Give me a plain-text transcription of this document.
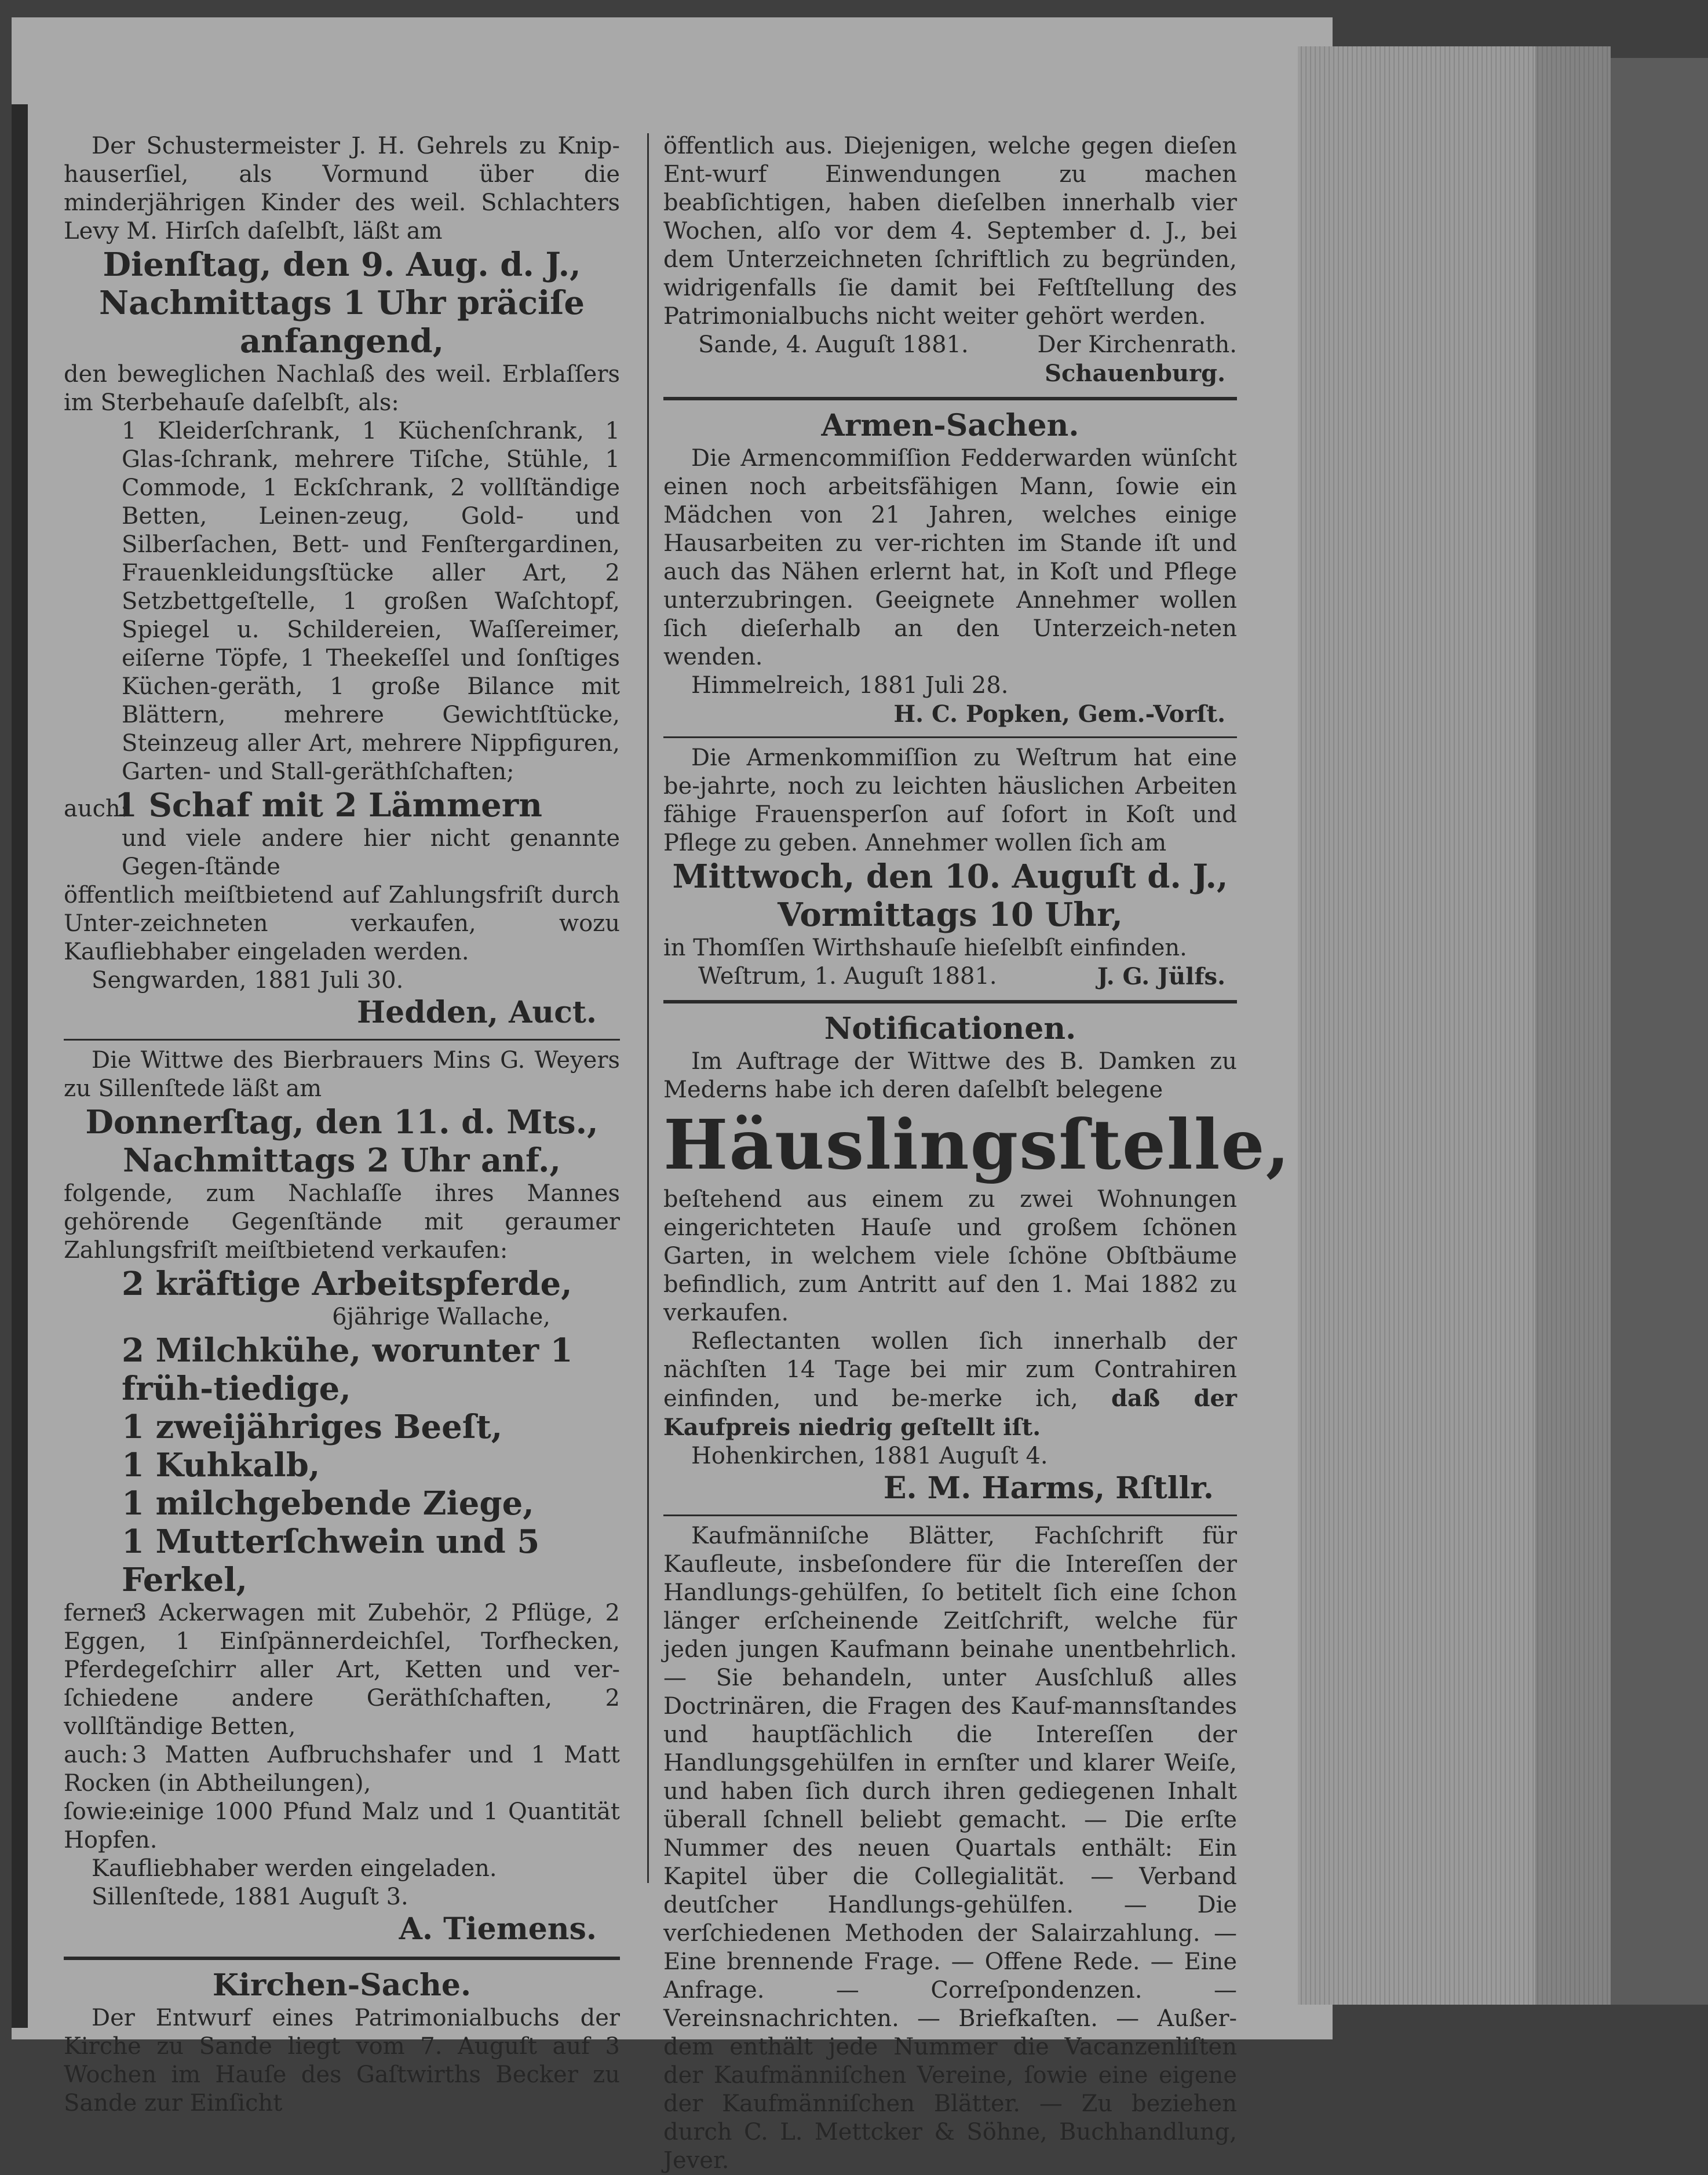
Der Schustermeister J. H. Gehrels zu Knip-hauserſiel, als Vormund über die minderjährigen Kinder des weil. Schlachters Levy M. Hirſch daſelbſt, läßt am

Dienſtag, den 9. Aug. d. J.,

Nachmittags 1 Uhr präciſe anfangend,

den beweglichen Nachlaß des weil. Erblaſſers im Sterbehauſe daſelbſt, als:

1 Kleiderſchrank, 1 Küchenſchrank, 1 Glas-ſchrank, mehrere Tiſche, Stühle, 1 Commode, 1 Eckſchrank, 2 vollſtändige Betten, Leinen-zeug, Gold- und Silberſachen, Bett- und Fenſtergardinen, Frauenkleidungsſtücke aller Art, 2 Setzbettgeſtelle, 1 großen Waſchtopf, Spiegel u. Schildereien, Waſſereimer, eiſerne Töpfe, 1 Theekeſſel und ſonſtiges Küchen-geräth, 1 große Bilance mit Blättern, mehrere Gewichtſtücke, Steinzeug aller Art, mehrere Nippfiguren, Garten- und Stall-geräthſchaften;

auch:1 Schaf mit 2 Lämmern

und viele andere hier nicht genannte Gegen-ſtände

öffentlich meiſtbietend auf Zahlungsfriſt durch Unter-zeichneten verkaufen, wozu Kaufliebhaber eingeladen werden.

Sengwarden, 1881 Juli 30.

Hedden, Auct.

Die Wittwe des Bierbrauers Mins G. Weyers zu Sillenſtede läßt am

Donnerſtag, den 11. d. Mts.,

Nachmittags 2 Uhr anf.,

folgende, zum Nachlaſſe ihres Mannes gehörende Gegenſtände mit geraumer Zahlungsfriſt meiſtbietend verkaufen:

2 kräftige Arbeitspferde,

6jährige Wallache,

2 Milchkühe, worunter 1 früh-tiedige,

1 zweijähriges Beeſt,

1 Kuhkalb,

1 milchgebende Ziege,

1 Mutterſchwein und 5 Ferkel,

ferner:3 Ackerwagen mit Zubehör, 2 Pflüge, 2 Eggen, 1 Einſpännerdeichſel, Torfhecken, Pferdegeſchirr aller Art, Ketten und ver-ſchiedene andere Geräthſchaften, 2 vollſtändige Betten,

auch: 3 Matten Aufbruchshafer und 1 Matt Rocken (in Abtheilungen),

ſowie:einige 1000 Pfund Malz und 1 Quantität Hopfen.

Kaufliebhaber werden eingeladen.

Sillenſtede, 1881 Auguſt 3.

A. Tiemens.

Kirchen-Sache.

Der Entwurf eines Patrimonialbuchs der Kirche zu Sande liegt vom 7. Auguſt auf 3 Wochen im Hauſe des Gaſtwirths Becker zu Sande zur Einſicht

öffentlich aus. Diejenigen, welche gegen dieſen Ent-wurf Einwendungen zu machen beabſichtigen, haben dieſelben innerhalb vier Wochen, alſo vor dem 4. September d. J., bei dem Unterzeichneten ſchriftlich zu begründen, widrigenfalls ſie damit bei Feſtſtellung des Patrimonialbuchs nicht weiter gehört werden.

Sande, 4. Auguſt 1881.	Der Kirchenrath.

Schauenburg.

Armen-Sachen.

Die Armencommiſſion Fedderwarden wünſcht einen noch arbeitsfähigen Mann, ſowie ein Mädchen von 21 Jahren, welches einige Hausarbeiten zu ver-richten im Stande iſt und auch das Nähen erlernt hat, in Koſt und Pflege unterzubringen. Geeignete Annehmer wollen ſich dieſerhalb an den Unterzeich-neten wenden.

Himmelreich, 1881 Juli 28.

H. C. Popken, Gem.-Vorſt.

Die Armenkommiſſion zu Weſtrum hat eine be-jahrte, noch zu leichten häuslichen Arbeiten fähige Frauensperſon auf ſofort in Koſt und Pflege zu geben. Annehmer wollen ſich am

Mittwoch, den 10. Auguſt d. J.,

Vormittags 10 Uhr,

in Thomſſen Wirthshauſe hieſelbſt einfinden.

Weſtrum, 1. Auguſt 1881.	J. G. Jülfs.

Notificationen.

Im Auftrage der Wittwe des B. Damken zu Mederns habe ich deren daſelbſt belegene

Häuslingsſtelle,

beſtehend aus einem zu zwei Wohnungen eingerichteten Hauſe und großem ſchönen Garten, in welchem viele ſchöne Obſtbäume befindlich, zum Antritt auf den 1. Mai 1882 zu verkaufen.

Reflectanten wollen ſich innerhalb der nächſten 14 Tage bei mir zum Contrahiren einfinden, und be-merke ich, daß der Kaufpreis niedrig geſtellt iſt.

Hohenkirchen, 1881 Auguſt 4.

E. M. Harms, Rſtllr.

Kaufmänniſche Blätter, Fachſchrift für Kaufleute, insbeſondere für die Intereſſen der Handlungs-gehülfen, ſo betitelt ſich eine ſchon länger erſcheinende Zeitſchrift, welche für jeden jungen Kaufmann beinahe unentbehrlich. — Sie behandeln, unter Ausſchluß alles Doctrinären, die Fragen des Kauf-mannsſtandes und hauptſächlich die Intereſſen der Handlungsgehülfen in ernſter und klarer Weiſe, und haben ſich durch ihren gediegenen Inhalt überall ſchnell beliebt gemacht. — Die erſte Nummer des neuen Quartals enthält: Ein Kapitel über die Collegialität. — Verband deutſcher Handlungs-gehülfen. — Die verſchiedenen Methoden der Salairzahlung. — Eine brennende Frage. — Offene Rede. — Eine Anfrage. — Correſpondenzen. — Vereinsnachrichten. — Briefkaſten. — Außer-dem enthält jede Nummer die Vacanzenliſten der Kaufmänniſchen Vereine, ſowie eine eigene der Kaufmänniſchen Blätter. — Zu beziehen durch C. L. Mettcker & Söhne, Buchhandlung, Jever.
